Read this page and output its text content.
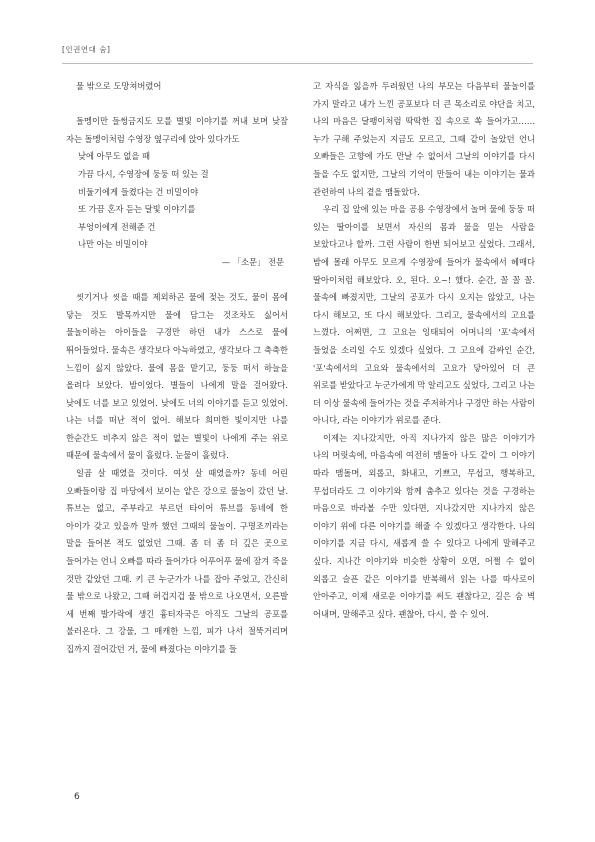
[인권연대 숨]

물 밖으로 도망쳐버렸어

돌멩이만 들썽금지도 모를 별빛 이야기를 꺼내 보며 낮잠 자는 돌멩이처럼 수영장 옆구리에 앉아 있다가도

낮에 아무도 없을 때
가끔 다시, 수영장에 둥둥 떠 있는 걸
비둘기에게 들켰다는 건 비밀이야
또 가끔 혼자 듣는 달빛 이야기를
부엉이에게 전해준 건
나만 아는 비밀이야

— 「소문」 전문

씻기거나 씻을 때를 제외하곤 물에 젖는 것도, 물이 몸에 닿는 것도 발목까지만 물에 담그는 것조차도 싫어서 물놀이하는 아이들을 구경만 하던 내가 스스로 물에 뛰어들었다. 물속은 생각보다 아늑하였고, 생각보다 그 축축한 느낌이 싫지 않았다. 물에 몸을 맡기고, 둥둥 떠서 하늘을 올려다 보았다. 밤이었다. 별들이 나에게 말을 걸어왔다. 낮에도 너를 보고 있었어. 낮에도 너의 이야기를 듣고 있었어. 나는 너를 떠난 적이 없어. 해보다 희미한 빛이지만 나를 한순간도 비추지 않은 적이 없는 별빛이 나에게 주는 위로 때문에 물속에서 물이 흘렀다. 눈물이 흘렀다.

일곱 살 때였을 것이다. 여섯 살 때였을까? 동네 어린 오빠들이랑 집 마당에서 보이는 얕은 강으로 물놀이 갔던 날. 튜브는 없고, 주부라고 부르던 타이어 튜브를 동네에 한 아이가 갖고 있을까 말까 했던 그때의 물놀이. 구명조끼라는 말을 들어본 적도 없었던 그때. 좀 더 좀 더 깊은 곳으로 들어가는 언니 오빠를 따라 들어가다 어푸어푸 물에 잠겨 죽을 것만 같았던 그때. 키 큰 누군가가 나를 잡아 주었고, 간신히 물 밖으로 나왔고, 그때 허겁지겁 물 밖으로 나오면서, 오른발 세 번째 발가락에 생긴 흉터자국은 아직도 그날의 공포를 불러온다. 그 강물, 그 매캐한 느낌, 피가 나서 절뚝거리며 집까지 걸어갔던 거, 물에 빠졌다는 이야기를 들

고 자식을 잃을까 두려웠던 나의 부모는 다음부터 물놀이를 가지 말라고 내가 느낀 공포보다 더 큰 목소리로 야단을 치고, 나의 마음은 달팽이처럼 딱딱한 집 속으로 쏙 들어가고…… 누가 구해 주었는지 지금도 모르고, 그때 같이 놀았던 언니 오빠들은 고향에 가도 만날 수 없어서 그날의 이야기를 다시 들을 수도 없지만, 그날의 기억이 만들어 내는 이야기는 물과 관련하여 나의 곁을 맴돌았다.

우리 집 앞에 있는 마을 공용 수영장에서 놀며 물에 둥둥 떠 있는 딸아이를 보면서 자신의 몸과 물을 믿는 사람을 보았다고나 할까. 그런 사람이 한번 되어보고 싶었다. 그래서, 밤에 몰래 아무도 모르게 수영장에 들어가 물속에서 헤매다 딸아이처럼 해보았다. 오, 된다. 오~! 했다. 순간, 꼴 꼴 꼴. 물속에 빠졌지만, 그날의 공포가 다시 오지는 않았고, 나는 다시 해보고, 또 다시 해보았다. 그리고, 물속에서의 고요를 느꼈다. 어쩌면, 그 고요는 잉태되어 어머니의 '포'속에서 들었을 소리일 수도 있겠다 싶었다. 그 고요에 감싸인 순간, '포'속에서의 고요와 물속에서의 고요가 닿아있어 더 큰 위로를 받았다고 누군가에게 막 알리고도 싶었다, 그리고 나는 더 이상 물속에 들어가는 것을 주저하거나 구경만 하는 사람이 아니다, 라는 이야기가 위로를 준다.

이제는 지나갔지만, 아직 지나가지 않은 많은 이야기가 나의 머릿속에, 마음속에 여전히 맴돌아 나도 같이 그 이야기 따라 맴돌며, 외롭고, 화내고, 기쁘고, 무섭고, 행복하고, 무섭더라도 그 이야기와 함께 춤추고 있다는 것을 구경하는 마음으로 바라볼 수만 있다면, 지나갔지만 지나가지 않은 이야기 위에 다른 이야기를 해줄 수 있겠다고 생각한다. 나의 이야기를 지금 다시, 새롭게 쓸 수 있다고 나에게 말해주고 싶다. 지나간 이야기와 비슷한 상황이 오면, 어쩔 수 없이 외롭고 슬픈 같은 이야기를 반복해서 읽는 나를 따사로이 안아주고, 이제 새로운 이야기를 써도 괜찮다고, 길은 숨 벽 어내며, 말해주고 싶다. 괜찮아, 다시, 쓸 수 있어.

6
